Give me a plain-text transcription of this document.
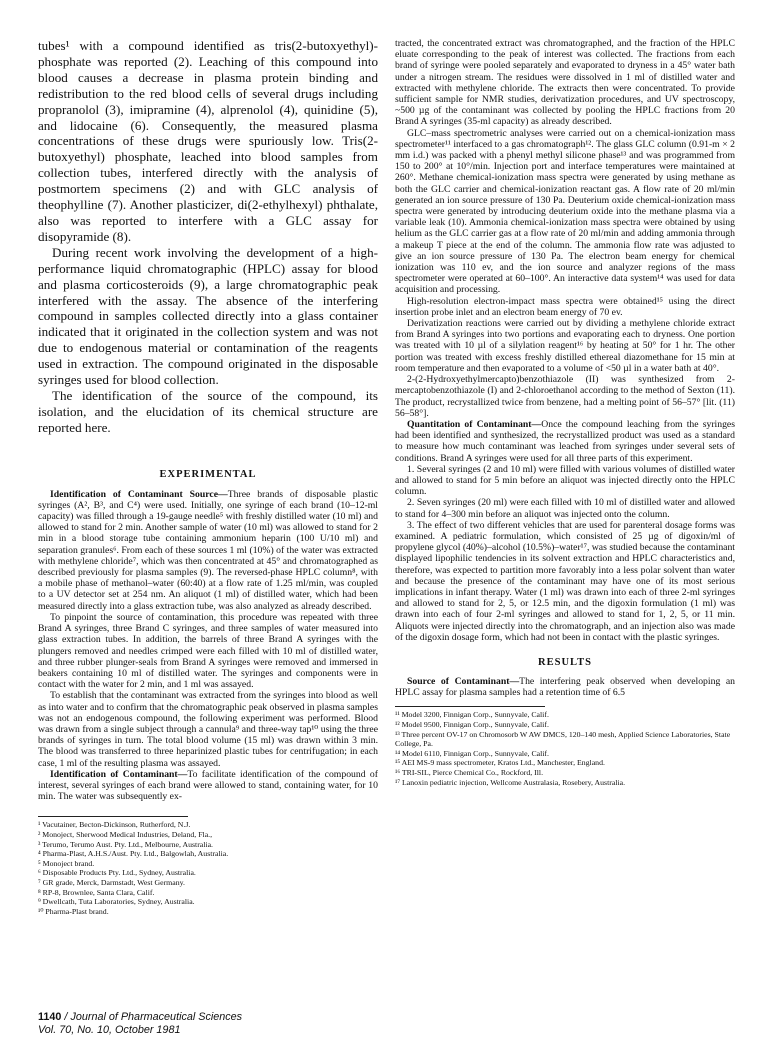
tubes¹ with a compound identified as tris(2-butoxyethyl)-phosphate was reported (2). Leaching of this compound into blood causes a decrease in plasma protein binding and redistribution to the red blood cells of several drugs including propranolol (3), imipramine (4), alprenolol (4), quinidine (5), and lidocaine (6). Consequently, the measured plasma concentrations of these drugs were spuriously low. Tris(2-butoxyethyl) phosphate, leached into blood samples from collection tubes, interfered directly with the analysis of postmortem specimens (2) and with GLC analysis of theophylline (7). Another plasticizer, di(2-ethylhexyl) phthalate, also was reported to interfere with a GLC assay for disopyramide (8).

During recent work involving the development of a high-performance liquid chromatographic (HPLC) assay for blood and plasma corticosteroids (9), a large chromatographic peak interfered with the assay. The absence of the interfering compound in samples collected directly into a glass container indicated that it originated in the collection system and was not due to endogenous material or contamination of the reagents used in extraction. The compound originated in the disposable syringes used for blood collection.

The identification of the source of the compound, its isolation, and the elucidation of its chemical structure are reported here.

EXPERIMENTAL

Identification of Contaminant Source—Three brands of disposable plastic syringes (A², B³, and C⁴) were used. Initially, one syringe of each brand (10–12-ml capacity) was filled through a 19-gauge needle⁵ with freshly distilled water (10 ml) and allowed to stand for 2 min. Another sample of water (10 ml) was allowed to stand for 2 min in a blood storage tube containing ammonium heparin (100 U/10 ml) and separation granules⁶. From each of these sources 1 ml (10%) of the water was extracted with methylene chloride⁷, which was then concentrated at 45° and chromatographed as described previously for plasma samples (9). The reversed-phase HPLC column⁸, with a mobile phase of methanol–water (60:40) at a flow rate of 1.25 ml/min, was coupled to a UV detector set at 254 nm. An aliquot (1 ml) of distilled water, which had been measured directly into a glass extraction tube, was also analyzed as already described.

To pinpoint the source of contamination, this procedure was repeated with three Brand A syringes, three Brand C syringes, and three samples of water measured into glass extraction tubes. In addition, the barrels of three Brand A syringes with the plungers removed and needles crimped were each filled with 10 ml of distilled water, and three rubber plunger-seals from Brand A syringes were removed and immersed in beakers containing 10 ml of distilled water. The syringes and components were in contact with the water for 2 min, and 1 ml was assayed.

To establish that the contaminant was extracted from the syringes into blood as well as into water and to confirm that the chromatographic peak observed in plasma samples was not an endogenous compound, the following experiment was performed. Blood was drawn from a single subject through a cannula⁹ and three-way tap¹⁰ using the three brands of syringes in turn. The total blood volume (15 ml) was drawn within 3 min. The blood was transferred to three heparinized plastic tubes for centrifugation; in each case, 1 ml of the resulting plasma was assayed.

Identification of Contaminant—To facilitate identification of the compound of interest, several syringes of each brand were allowed to stand, containing water, for 10 min. The water was subsequently ex-

¹ Vacutainer, Becton-Dickinson, Rutherford, N.J.

² Monoject, Sherwood Medical Industries, Deland, Fla.,

³ Terumo, Terumo Aust. Pty. Ltd., Melbourne, Australia.

⁴ Pharma-Plast, A.H.S./Aust. Pty. Ltd., Balgowlah, Australia.

⁵ Monoject brand.

⁶ Disposable Products Pty. Ltd., Sydney, Australia.

⁷ GR grade, Merck, Darmstadt, West Germany.

⁸ RP-8, Brownlee, Santa Clara, Calif.

⁹ Dwellcath, Tuta Laboratories, Sydney, Australia.

¹⁰ Pharma-Plast brand.

tracted, the concentrated extract was chromatographed, and the fraction of the HPLC eluate corresponding to the peak of interest was collected. The fractions from each brand of syringe were pooled separately and evaporated to dryness in a 45° water bath under a nitrogen stream. The residues were dissolved in 1 ml of distilled water and extracted with methylene chloride. The extracts then were concentrated. To provide sufficient sample for NMR studies, derivatization procedures, and UV spectroscopy, ~500 µg of the contaminant was collected by pooling the HPLC fractions from 20 Brand A syringes (35-ml capacity) as already described.

GLC–mass spectrometric analyses were carried out on a chemical-ionization mass spectrometer¹¹ interfaced to a gas chromatograph¹². The glass GLC column (0.91-m × 2 mm i.d.) was packed with a phenyl methyl silicone phase¹³ and was programmed from 150 to 200° at 10°/min. Injection port and interface temperatures were maintained at 260°. Methane chemical-ionization mass spectra were generated by using methane as both the GLC carrier and chemical-ionization reactant gas. A flow rate of 20 ml/min generated an ion source pressure of 130 Pa. Deuterium oxide chemical-ionization mass spectra were generated by introducing deuterium oxide into the methane plasma via a variable leak (10). Ammonia chemical-ionization mass spectra were obtained by using helium as the GLC carrier gas at a flow rate of 20 ml/min and adding ammonia through a makeup T piece at the end of the column. The ammonia flow rate was adjusted to give an ion source pressure of 130 Pa. The electron beam energy for chemical ionization was 110 ev, and the ion source and analyzer regions of the mass spectrometer were operated at 60–100°. An interactive data system¹⁴ was used for data acquisition and processing.

High-resolution electron-impact mass spectra were obtained¹⁵ using the direct insertion probe inlet and an electron beam energy of 70 ev.

Derivatization reactions were carried out by dividing a methylene chloride extract from Brand A syringes into two portions and evaporating each to dryness. One portion was treated with 10 µl of a silylation reagent¹⁶ by heating at 50° for 1 hr. The other portion was treated with excess freshly distilled ethereal diazomethane for 15 min at room temperature and then evaporated to a volume of <50 µl in a water bath at 40°.

2-(2-Hydroxyethylmercapto)benzothiazole (II) was synthesized from 2-mercaptobenzothiazole (I) and 2-chloroethanol according to the method of Sexton (11). The product, recrystallized twice from benzene, had a melting point of 56–57° [lit. (11) 56–58°].

Quantitation of Contaminant—Once the compound leaching from the syringes had been identified and synthesized, the recrystallized product was used as a standard to measure how much contaminant was leached from syringes under several sets of conditions. Brand A syringes were used for all three parts of this experiment.

1. Several syringes (2 and 10 ml) were filled with various volumes of distilled water and allowed to stand for 5 min before an aliquot was injected directly onto the HPLC column.

2. Seven syringes (20 ml) were each filled with 10 ml of distilled water and allowed to stand for 4–300 min before an aliquot was injected onto the column.

3. The effect of two different vehicles that are used for parenteral dosage forms was examined. A pediatric formulation, which consisted of 25 µg of digoxin/ml of propylene glycol (40%)–alcohol (10.5%)–water¹⁷, was studied because the contaminant displayed lipophilic tendencies in its solvent extraction and HPLC characteristics and, therefore, was expected to partition more favorably into a less polar solvent than water and because the presence of the contaminant may have one of its most serious implications in infant therapy. Water (1 ml) was drawn into each of three 2-ml syringes and allowed to stand for 2, 5, or 12.5 min, and the digoxin formulation (1 ml) was drawn into each of four 2-ml syringes and allowed to stand for 1, 2, 5, or 11 min. Aliquots were injected directly into the chromatograph, and an injection also was made of the digoxin dosage form, which had not been in contact with the plastic syringes.

RESULTS

Source of Contaminant—The interfering peak observed when developing an HPLC assay for plasma samples had a retention time of 6.5

¹¹ Model 3200, Finnigan Corp., Sunnyvale, Calif.

¹² Model 9500, Finnigan Corp., Sunnyvale, Calif.

¹³ Three percent OV-17 on Chromosorb W AW DMCS, 120–140 mesh, Applied Science Laboratories, State College, Pa.

¹⁴ Model 6110, Finnigan Corp., Sunnyvale, Calif.

¹⁵ AEI MS-9 mass spectrometer, Kratos Ltd., Manchester, England.

¹⁶ TRI-SIL, Pierce Chemical Co., Rockford, Ill.

¹⁷ Lanoxin pediatric injection, Wellcome Australasia, Rosebery, Australia.

1140 / Journal of Pharmaceutical Sciences
Vol. 70, No. 10, October 1981
